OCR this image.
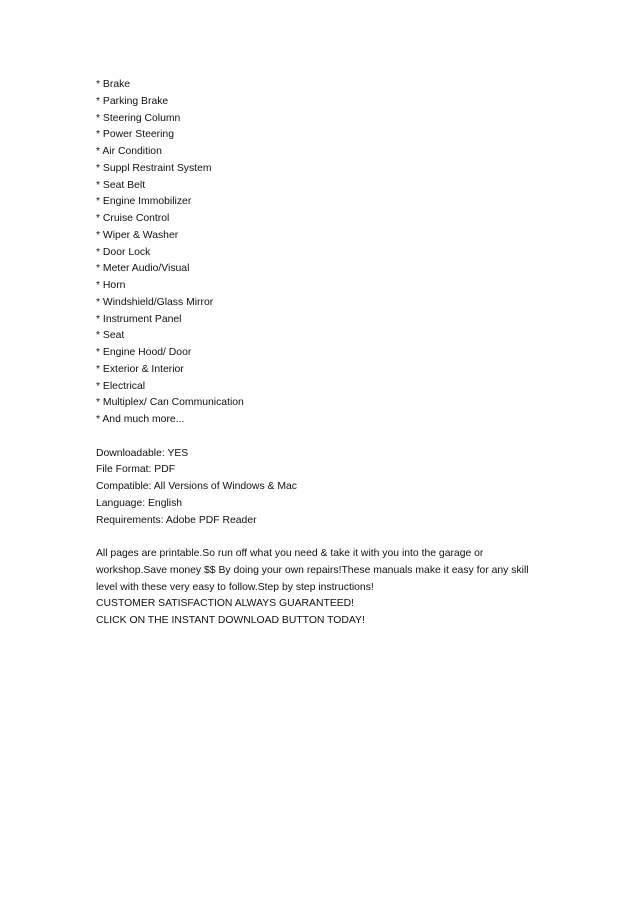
* Brake
* Parking Brake
* Steering Column
* Power Steering
* Air Condition
* Suppl Restraint System
* Seat Belt
* Engine Immobilizer
* Cruise Control
* Wiper & Washer
* Door Lock
* Meter Audio/Visual
* Horn
* Windshield/Glass Mirror
* Instrument Panel
* Seat
* Engine Hood/ Door
* Exterior & Interior
* Electrical
* Multiplex/ Can Communication
* And much more...
Downloadable: YES
File Format: PDF
Compatible: All Versions of Windows & Mac
Language: English
Requirements: Adobe PDF Reader
All pages are printable.So run off what you need & take it with you into the garage or
workshop.Save money $$ By doing your own repairs!These manuals make it easy for any skill
level with these very easy to follow.Step by step instructions!
CUSTOMER SATISFACTION ALWAYS GUARANTEED!
CLICK ON THE INSTANT DOWNLOAD BUTTON TODAY!
